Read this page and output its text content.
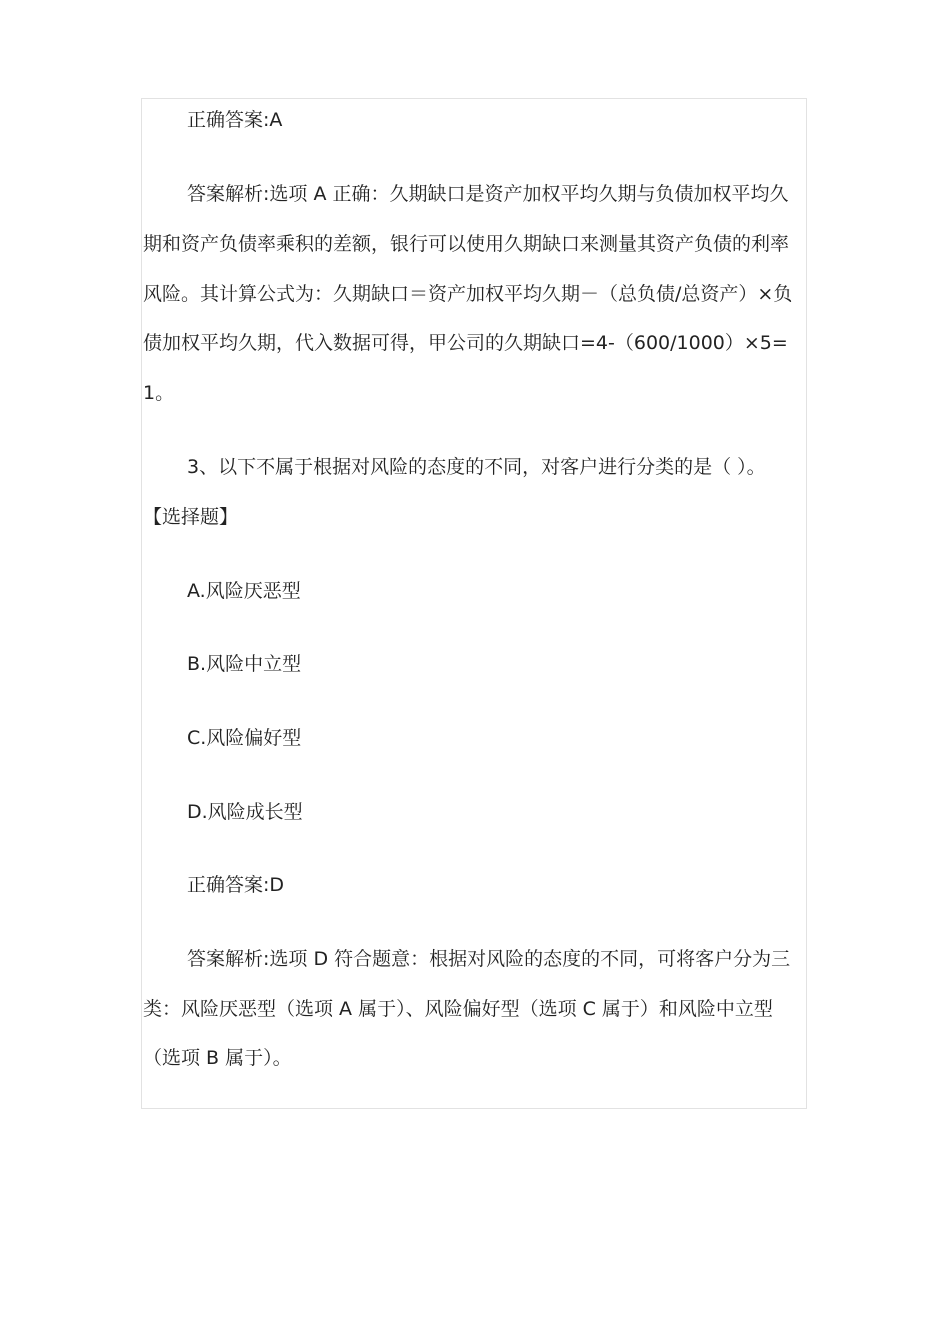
正确答案:A
答案解析:选项 A 正确：久期缺口是资产加权平均久期与负债加权平均久
期和资产负债率乘积的差额，银行可以使用久期缺口来测量其资产负债的利率
风险。其计算公式为：久期缺口＝资产加权平均久期－（总负债/总资产）×负
债加权平均久期，代入数据可得，甲公司的久期缺口=4-（600/1000）×5=
1。
3、以下不属于根据对风险的态度的不同，对客户进行分类的是（ ）。
【选择题】
A.风险厌恶型
B.风险中立型
C.风险偏好型
D.风险成长型
正确答案:D
答案解析:选项 D 符合题意：根据对风险的态度的不同，可将客户分为三
类：风险厌恶型（选项 A 属于）、风险偏好型（选项 C 属于）和风险中立型
（选项 B 属于）。
